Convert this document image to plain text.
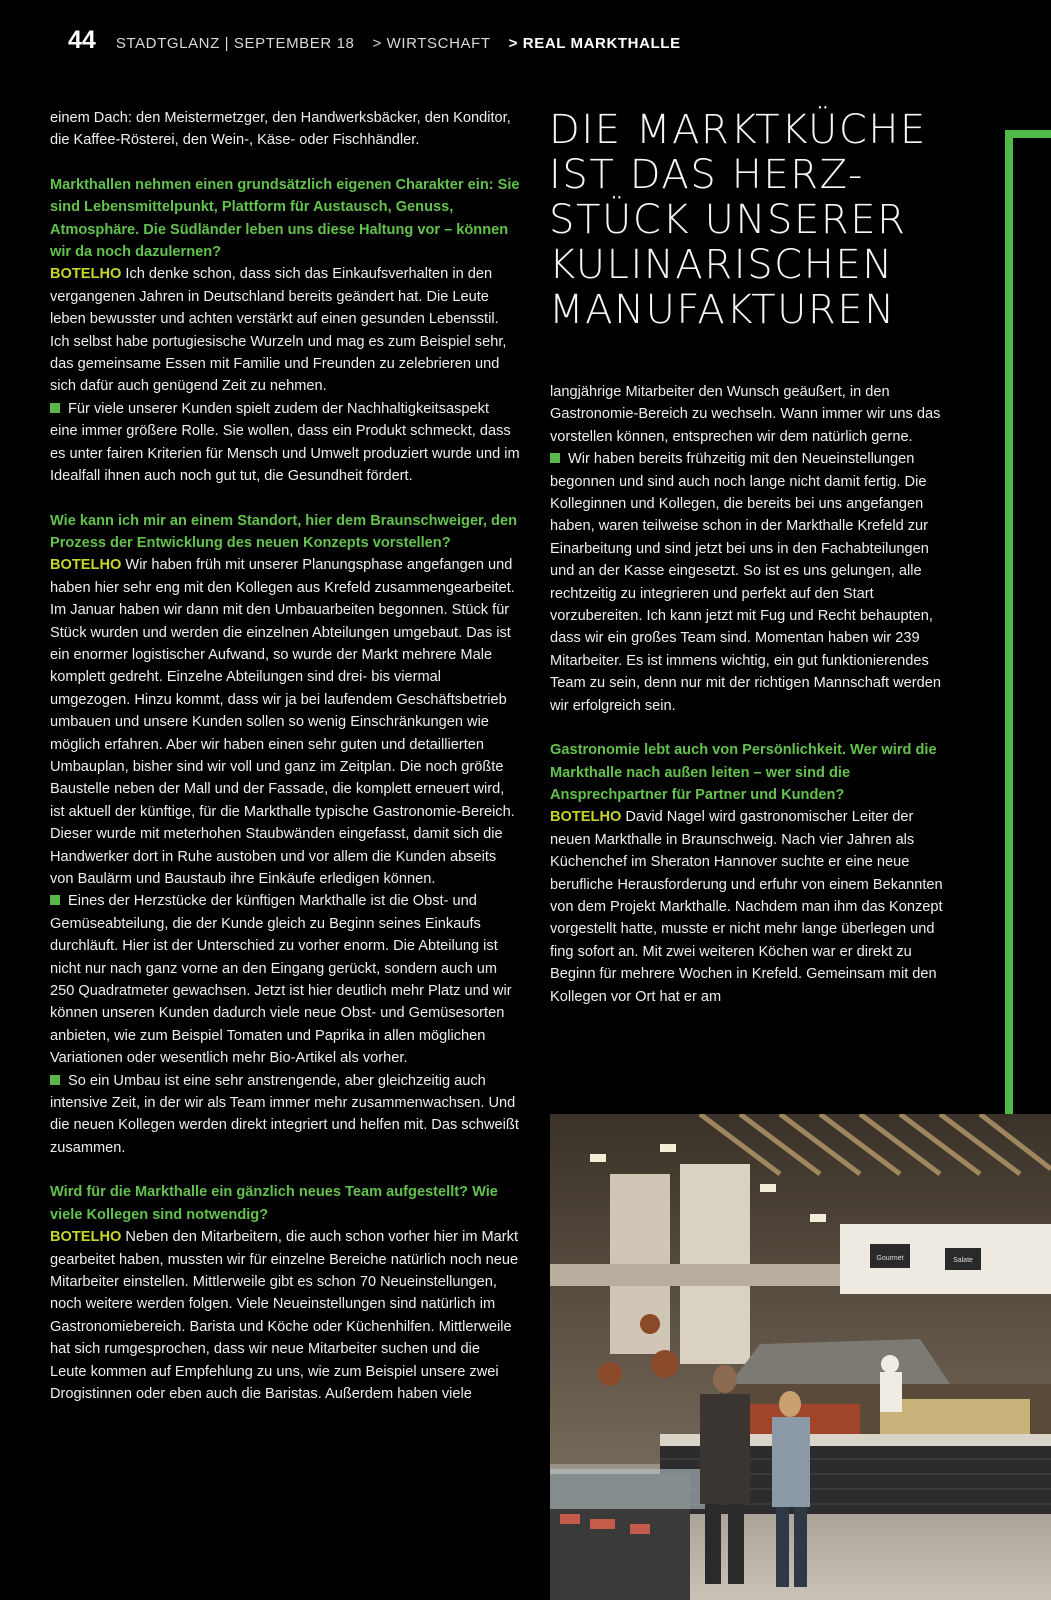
44 STADTGLANZ | SEPTEMBER 18 > WIRTSCHAFT > REAL MARKTHALLE

einem Dach: den Meistermetzger, den Handwerksbäcker, den Konditor, die Kaffee-Rösterei, den Wein-, Käse- oder Fischhändler.

Markthallen nehmen einen grundsätzlich eigenen Charakter ein: Sie sind Lebensmittelpunkt, Plattform für Austausch, Genuss, Atmosphäre. Die Südländer leben uns diese Haltung vor – können wir da noch dazulernen?

BOTELHO Ich denke schon, dass sich das Einkaufsverhalten in den vergangenen Jahren in Deutschland bereits geändert hat. Die Leute leben bewusster und achten verstärkt auf einen gesunden Lebensstil. Ich selbst habe portugiesische Wurzeln und mag es zum Beispiel sehr, das gemeinsame Essen mit Familie und Freunden zu zelebrieren und sich dafür auch genügend Zeit zu nehmen.

Für viele unserer Kunden spielt zudem der Nachhaltigkeitsaspekt eine immer größere Rolle. Sie wollen, dass ein Produkt schmeckt, dass es unter fairen Kriterien für Mensch und Umwelt produziert wurde und im Idealfall ihnen auch noch gut tut, die Gesundheit fördert.

Wie kann ich mir an einem Standort, hier dem Braunschweiger, den Prozess der Entwicklung des neuen Konzepts vorstellen?

BOTELHO Wir haben früh mit unserer Planungsphase angefangen und haben hier sehr eng mit den Kollegen aus Krefeld zusammengearbeitet. Im Januar haben wir dann mit den Umbauarbeiten begonnen. Stück für Stück wurden und werden die einzelnen Abteilungen umgebaut. Das ist ein enormer logistischer Aufwand, so wurde der Markt mehrere Male komplett gedreht. Einzelne Abteilungen sind drei- bis viermal umgezogen. Hinzu kommt, dass wir ja bei laufendem Geschäftsbetrieb umbauen und unsere Kunden sollen so wenig Einschränkungen wie möglich erfahren. Aber wir haben einen sehr guten und detaillierten Umbauplan, bisher sind wir voll und ganz im Zeitplan. Die noch größte Baustelle neben der Mall und der Fassade, die komplett erneuert wird, ist aktuell der künftige, für die Markthalle typische Gastronomie-Bereich. Dieser wurde mit meterhohen Staubwänden eingefasst, damit sich die Handwerker dort in Ruhe austoben und vor allem die Kunden abseits von Baulärm und Baustaub ihre Einkäufe erledigen können.

Eines der Herzstücke der künftigen Markthalle ist die Obst- und Gemüseabteilung, die der Kunde gleich zu Beginn seines Einkaufs durchläuft. Hier ist der Unterschied zu vorher enorm. Die Abteilung ist nicht nur nach ganz vorne an den Eingang gerückt, sondern auch um 250 Quadratmeter gewachsen. Jetzt ist hier deutlich mehr Platz und wir können unseren Kunden dadurch viele neue Obst- und Gemüsesorten anbieten, wie zum Beispiel Tomaten und Paprika in allen möglichen Variationen oder wesentlich mehr Bio-Artikel als vorher.

So ein Umbau ist eine sehr anstrengende, aber gleichzeitig auch intensive Zeit, in der wir als Team immer mehr zusammenwachsen. Und die neuen Kollegen werden direkt integriert und helfen mit. Das schweißt zusammen.

Wird für die Markthalle ein gänzlich neues Team aufgestellt? Wie viele Kollegen sind notwendig?

BOTELHO Neben den Mitarbeitern, die auch schon vorher hier im Markt gearbeitet haben, mussten wir für einzelne Bereiche natürlich noch neue Mitarbeiter einstellen. Mittlerweile gibt es schon 70 Neueinstellungen, noch weitere werden folgen. Viele Neueinstellungen sind natürlich im Gastronomiebereich. Barista und Köche oder Küchenhilfen. Mittlerweile hat sich rumgesprochen, dass wir neue Mitarbeiter suchen und die Leute kommen auf Empfehlung zu uns, wie zum Beispiel unsere zwei Drogistinnen oder eben auch die Baristas. Außerdem haben viele

DIE MARKTKÜCHE
IST DAS HERZ-
STÜCK UNSERER
KULINARISCHEN
MANUFAKTUREN

langjährige Mitarbeiter den Wunsch geäußert, in den Gastronomie-Bereich zu wechseln. Wann immer wir uns das vorstellen können, entsprechen wir dem natürlich gerne.

Wir haben bereits frühzeitig mit den Neueinstellungen begonnen und sind auch noch lange nicht damit fertig. Die Kolleginnen und Kollegen, die bereits bei uns angefangen haben, waren teilweise schon in der Markthalle Krefeld zur Einarbeitung und sind jetzt bei uns in den Fachabteilungen und an der Kasse eingesetzt. So ist es uns gelungen, alle rechtzeitig zu integrieren und perfekt auf den Start vorzubereiten. Ich kann jetzt mit Fug und Recht behaupten, dass wir ein großes Team sind. Momentan haben wir 239 Mitarbeiter. Es ist immens wichtig, ein gut funktionierendes Team zu sein, denn nur mit der richtigen Mannschaft werden wir erfolgreich sein.

Gastronomie lebt auch von Persönlichkeit. Wer wird die Markthalle nach außen leiten – wer sind die Ansprechpartner für Partner und Kunden?

BOTELHO David Nagel wird gastronomischer Leiter der neuen Markthalle in Braunschweig. Nach vier Jahren als Küchenchef im Sheraton Hannover suchte er eine neue berufliche Herausforderung und erfuhr von einem Bekannten von dem Projekt Markthalle. Nachdem man ihm das Konzept vorgestellt hatte, musste er nicht mehr lange überlegen und fing sofort an. Mit zwei weiteren Köchen war er direkt zu Beginn für mehrere Wochen in Krefeld. Gemeinsam mit den Kollegen vor Ort hat er am

Gourmet	Salate
